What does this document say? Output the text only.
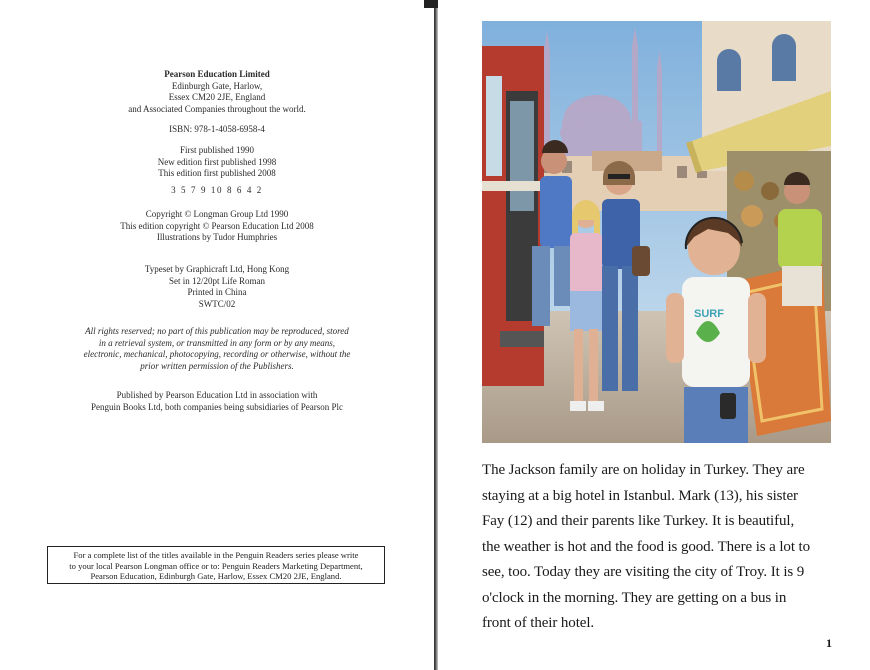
Pearson Education Limited

Edinburgh Gate, Harlow,

Essex CM20 2JE, England

and Associated Companies throughout the world.

ISBN: 978-1-4058-6958-4

First published 1990

New edition first published 1998

This edition first published 2008

3 5 7 9 10 8 6 4 2

Copyright © Longman Group Ltd 1990

This edition copyright © Pearson Education Ltd 2008

Illustrations by Tudor Humphries

Typeset by Graphicraft Ltd, Hong Kong

Set in 12/20pt Life Roman

Printed in China

SWTC/02

All rights reserved; no part of this publication may be reproduced, stored

in a retrieval system, or transmitted in any form or by any means,

electronic, mechanical, photocopying, recording or otherwise, without the

prior written permission of the Publishers.

Published by Pearson Education Ltd in association with

Penguin Books Ltd, both companies being subsidiaries of Pearson Plc

For a complete list of the titles available in the Penguin Readers series please write

to your local Pearson Longman office or to: Penguin Readers Marketing Department,

Pearson Education, Edinburgh Gate, Harlow, Essex CM20 2JE, England.

SURF

The Jackson family are on holiday in Turkey. They are

staying at a big hotel in Istanbul. Mark (13), his sister

Fay (12) and their parents like Turkey. It is beautiful,

the weather is hot and the food is good. There is a lot to

see, too. Today they are visiting the city of Troy. It is 9

o'clock in the morning. They are getting on a bus in

front of their hotel.

1
